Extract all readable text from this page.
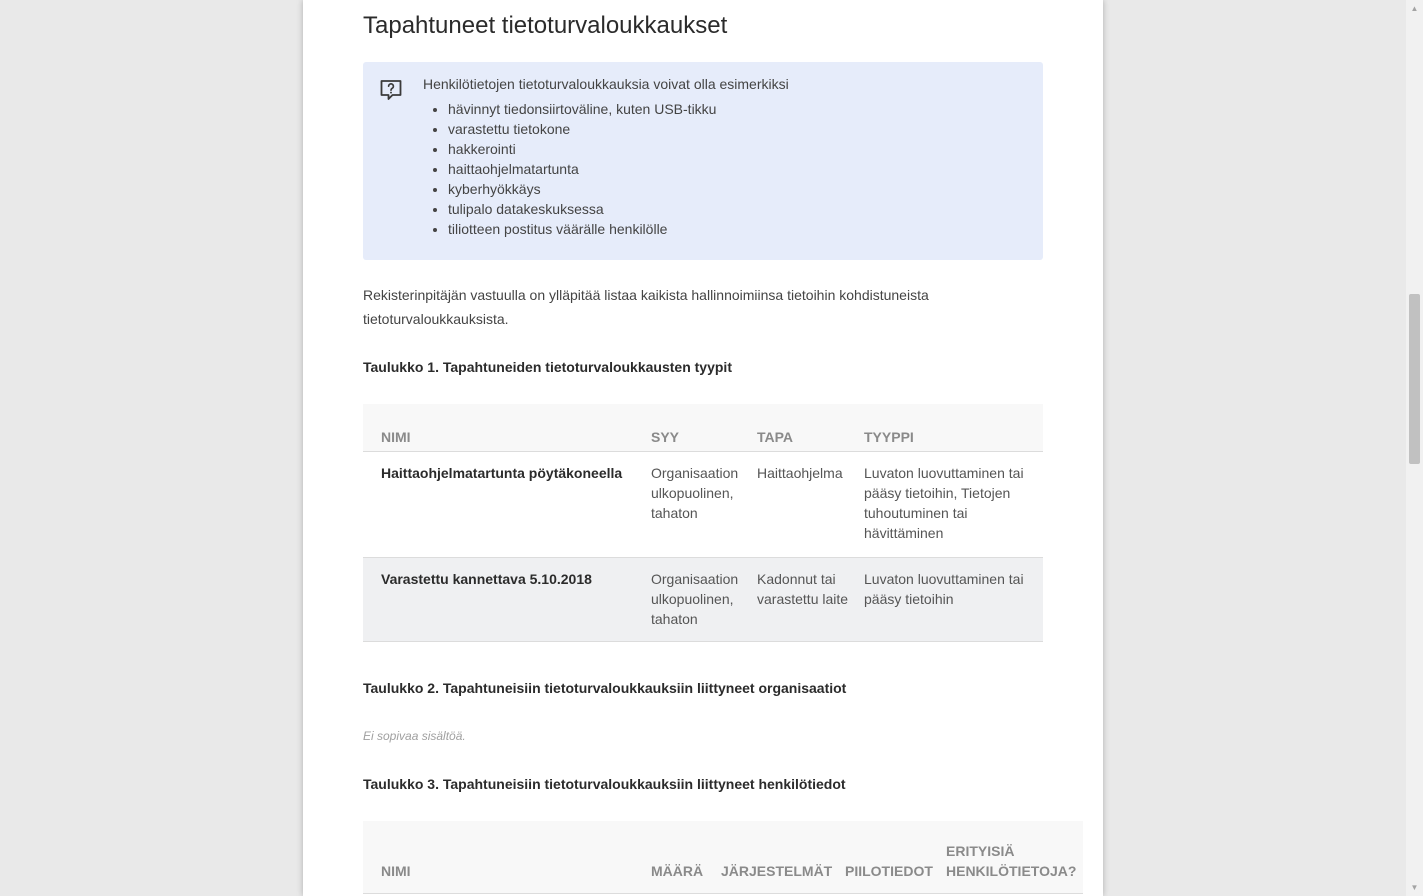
Tapahtuneet tietoturvaloukkaukset
Henkilötietojen tietoturvaloukkauksia voivat olla esimerkiksi
• hävinnyt tiedonsiirtoväline, kuten USB-tikku
• varastettu tietokone
• hakkerointi
• haittaohjelmatartunta
• kyberhyökkäys
• tulipalo datakeskuksessa
• tiliotteen postitus väärälle henkilölle

Rekisterinpitäjän vastuulla on ylläpitää listaa kaikista hallinnoimiinsa tietoihin kohdistuneista tietoturvaloukkauksista.

Taulukko 1. Tapahtuneiden tietoturvaloukkausten tyypit
NIMI	SYY	TAPA	TYYPPI
Haittaohjelmatartunta pöytäkoneella	Organisaation ulkopuolinen, tahaton	Haittaohjelma	Luvaton luovuttaminen tai pääsy tietoihin, Tietojen tuhoutuminen tai hävittäminen
Varastettu kannettava 5.10.2018	Organisaation ulkopuolinen, tahaton	Kadonnut tai varastettu laite	Luvaton luovuttaminen tai pääsy tietoihin
Taulukko 2. Tapahtuneisiin tietoturvaloukkauksiin liittyneet organisaatiot
Ei sopivaa sisältöä.
Taulukko 3. Tapahtuneisiin tietoturvaloukkauksiin liittyneet henkilötiedot
NIMI	MÄÄRÄ	JÄRJESTELMÄT	PIILOTIEDOT	ERITYISIÄ HENKILÖTIETOJA?
▲
▼
